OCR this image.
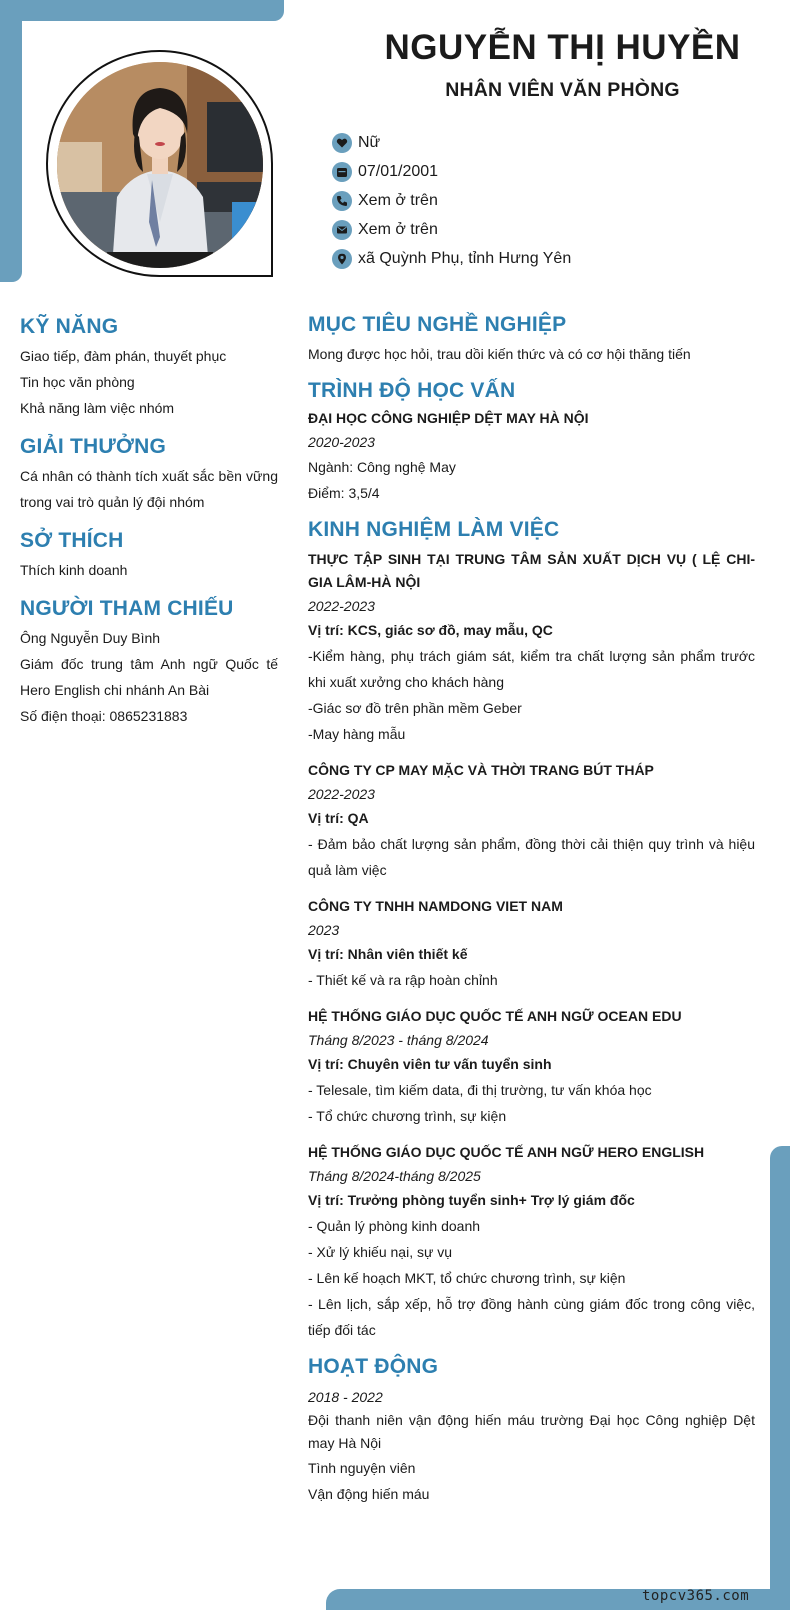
NGUYỄN THỊ HUYỀN
NHÂN VIÊN VĂN PHÒNG
Nữ
07/01/2001
Xem ở trên
Xem ở trên
xã Quỳnh Phụ, tỉnh Hưng Yên
KỸ NĂNG

Giao tiếp, đàm phán, thuyết phục

Tin học văn phòng

Khả năng làm việc nhóm

GIẢI THƯỞNG

Cá nhân có thành tích xuất sắc bền vững trong vai trò quản lý đội nhóm

SỞ THÍCH

Thích kinh doanh

NGƯỜI THAM CHIẾU

Ông Nguyễn Duy Bình

Giám đốc trung tâm Anh ngữ Quốc tế Hero English chi nhánh An Bài

Số điện thoại: 0865231883

MỤC TIÊU NGHỀ NGHIỆP

Mong được học hỏi, trau dồi kiến thức và có cơ hội thăng tiến

TRÌNH ĐỘ HỌC VẤN
ĐẠI HỌC CÔNG NGHIỆP DỆT MAY HÀ NỘI
2020-2023

Ngành: Công nghệ May

Điểm: 3,5/4

KINH NGHIỆM LÀM VIỆC
THỰC TẬP SINH TẠI TRUNG TÂM SẢN XUẤT DỊCH VỤ ( LỆ CHI-GIA LÂM-HÀ NỘI
2022-2023
Vị trí: KCS, giác sơ đồ, may mẫu, QC

-Kiểm hàng, phụ trách giám sát, kiểm tra chất lượng sản phẩm trước khi xuất xưởng cho khách hàng

-Giác sơ đồ trên phần mềm Geber

-May hàng mẫu

CÔNG TY CP MAY MẶC VÀ THỜI TRANG BÚT THÁP
2022-2023
Vị trí: QA

- Đảm bảo chất lượng sản phẩm, đồng thời cải thiện quy trình và hiệu quả làm việc

CÔNG TY TNHH NAMDONG VIET NAM
2023
Vị trí: Nhân viên thiết kế

- Thiết kế và ra rập hoàn chỉnh

HỆ THỐNG GIÁO DỤC QUỐC TẾ ANH NGỮ OCEAN EDU
Tháng 8/2023 - tháng 8/2024
Vị trí: Chuyên viên tư vấn tuyển sinh

- Telesale, tìm kiếm data, đi thị trường, tư vấn khóa học

- Tổ chức chương trình, sự kiện

HỆ THỐNG GIÁO DỤC QUỐC TẾ ANH NGỮ HERO ENGLISH
Tháng 8/2024-tháng 8/2025
Vị trí: Trưởng phòng tuyển sinh+ Trợ lý giám đốc

- Quản lý phòng kinh doanh

- Xử lý khiếu nại, sự vụ

- Lên kế hoạch MKT, tổ chức chương trình, sự kiện

- Lên lịch, sắp xếp, hỗ trợ đồng hành cùng giám đốc trong công việc, tiếp đối tác

HOẠT ĐỘNG
2018 - 2022

Đội thanh niên vận động hiến máu trường Đại học Công nghiệp Dệt may Hà Nội

Tình nguyện viên

Vận động hiến máu

topcv365.com
